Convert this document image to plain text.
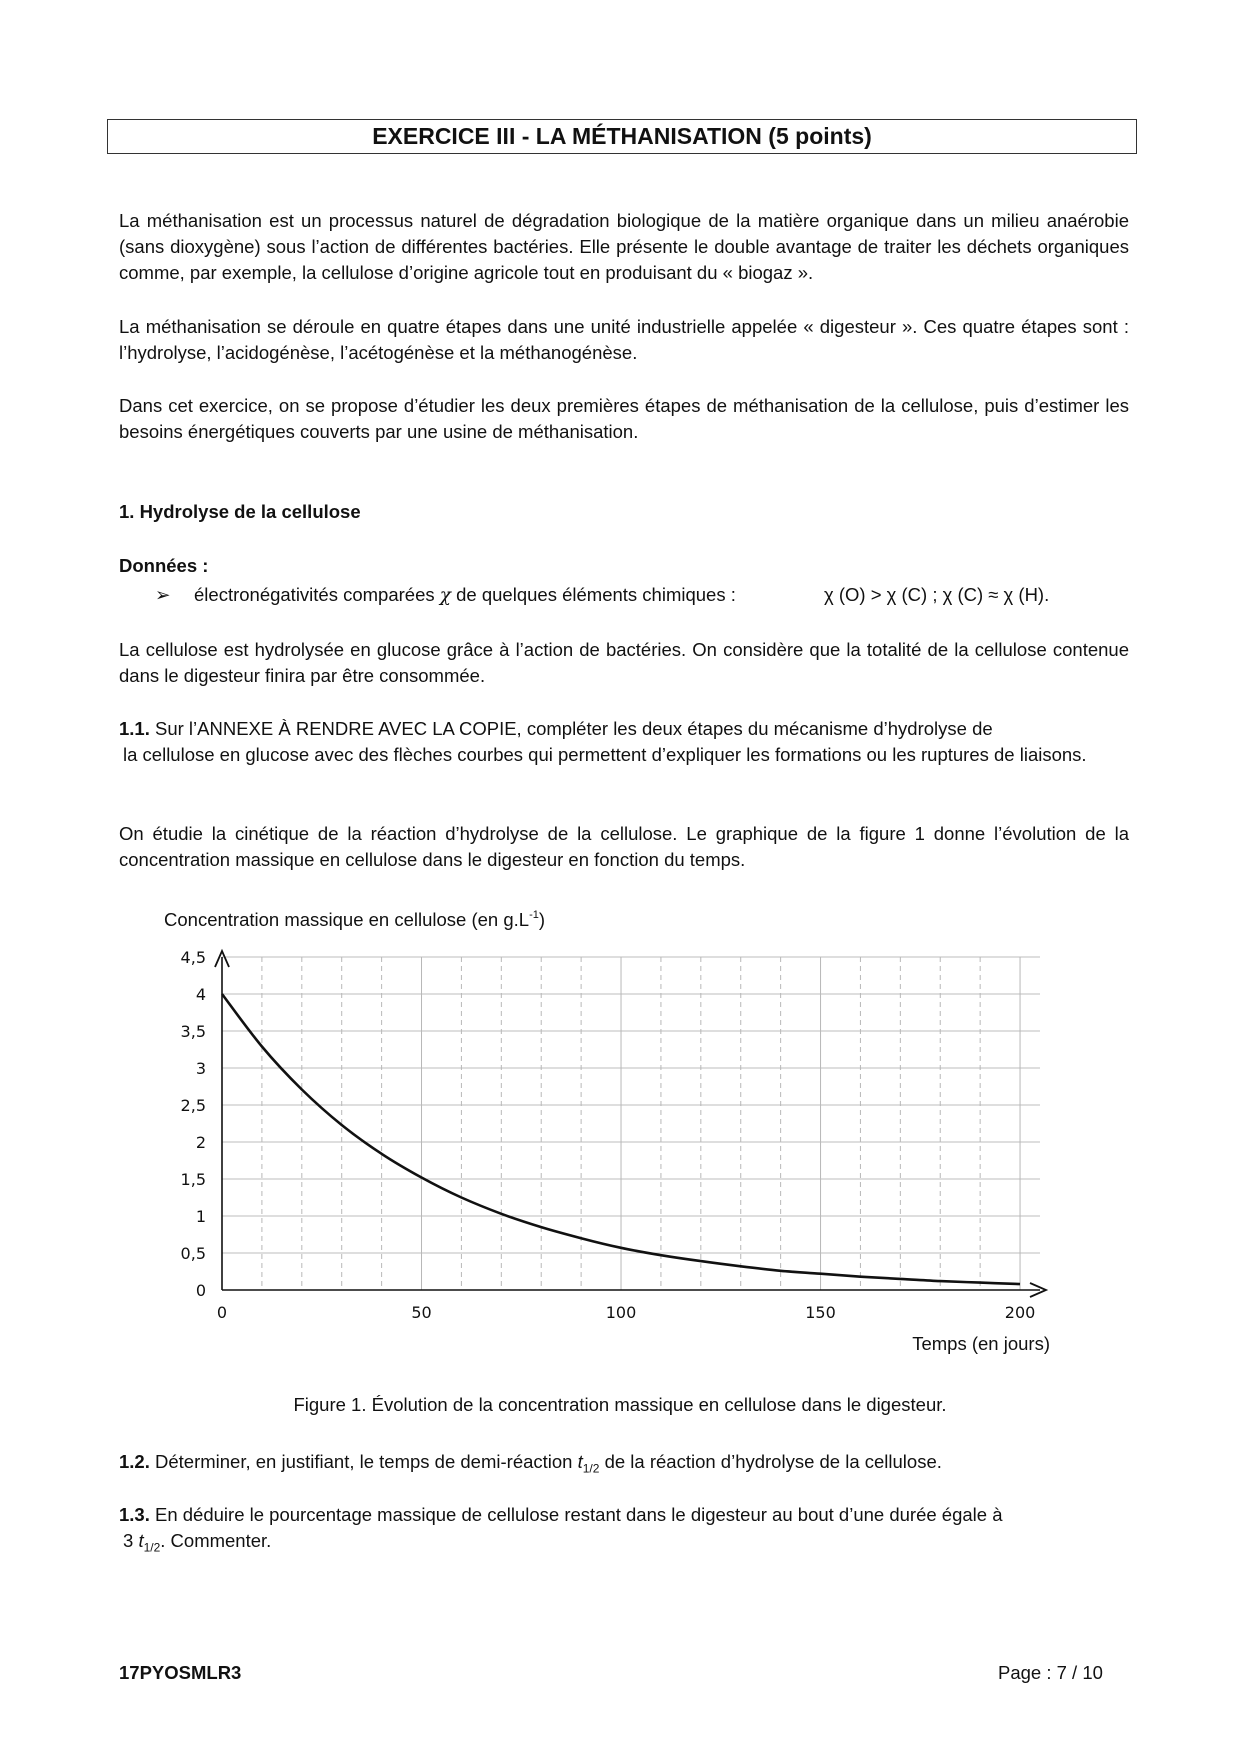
EXERCICE III - LA MÉTHANISATION (5 points)

La méthanisation est un processus naturel de dégradation biologique de la matière organique dans un milieu anaérobie (sans dioxygène) sous l’action de différentes bactéries. Elle présente le double avantage de traiter les déchets organiques comme, par exemple, la cellulose d’origine agricole tout en produisant du « biogaz ».

La méthanisation se déroule en quatre étapes dans une unité industrielle appelée « digesteur ». Ces quatre étapes sont : l’hydrolyse, l’acidogénèse, l’acétogénèse et la méthanogénèse.

Dans cet exercice, on se propose d’étudier les deux premières étapes de méthanisation de la cellulose, puis d’estimer les besoins énergétiques couverts par une usine de méthanisation.

1. Hydrolyse de la cellulose

Données :

➢ électronégativités comparées χ de quelques éléments chimiques :	χ (O) > χ (C) ; χ (C) ≈ χ (H).

La cellulose est hydrolysée en glucose grâce à l’action de bactéries. On considère que la totalité de la cellulose contenue dans le digesteur finira par être consommée.

1.1. Sur l’ANNEXE À RENDRE AVEC LA COPIE, compléter les deux étapes du mécanisme d’hydrolyse de

la cellulose en glucose avec des flèches courbes qui permettent d’expliquer les formations ou les ruptures de liaisons.

On étudie la cinétique de la réaction d’hydrolyse de la cellulose. Le graphique de la figure 1 donne l’évolution de la concentration massique en cellulose dans le digesteur en fonction du temps.

0
0,5
1
1,5
2
2,5
3
3,5
4
4,5
0	50	100	150	200
Concentration massique en cellulose (en $g.L^{-1}$)
Temps (en jours)
Figure 1. Évolution de la concentration massique en cellulose dans le digesteur.

1.2. Déterminer, en justifiant, le temps de demi-réaction $t_{1/2}$ de la réaction d’hydrolyse de la cellulose.

1.3. En déduire le pourcentage massique de cellulose restant dans le digesteur au bout d’une durée égale à

3 $t_{1/2}$. Commenter.

17PYOSMLR3	Page : 7 / 10
